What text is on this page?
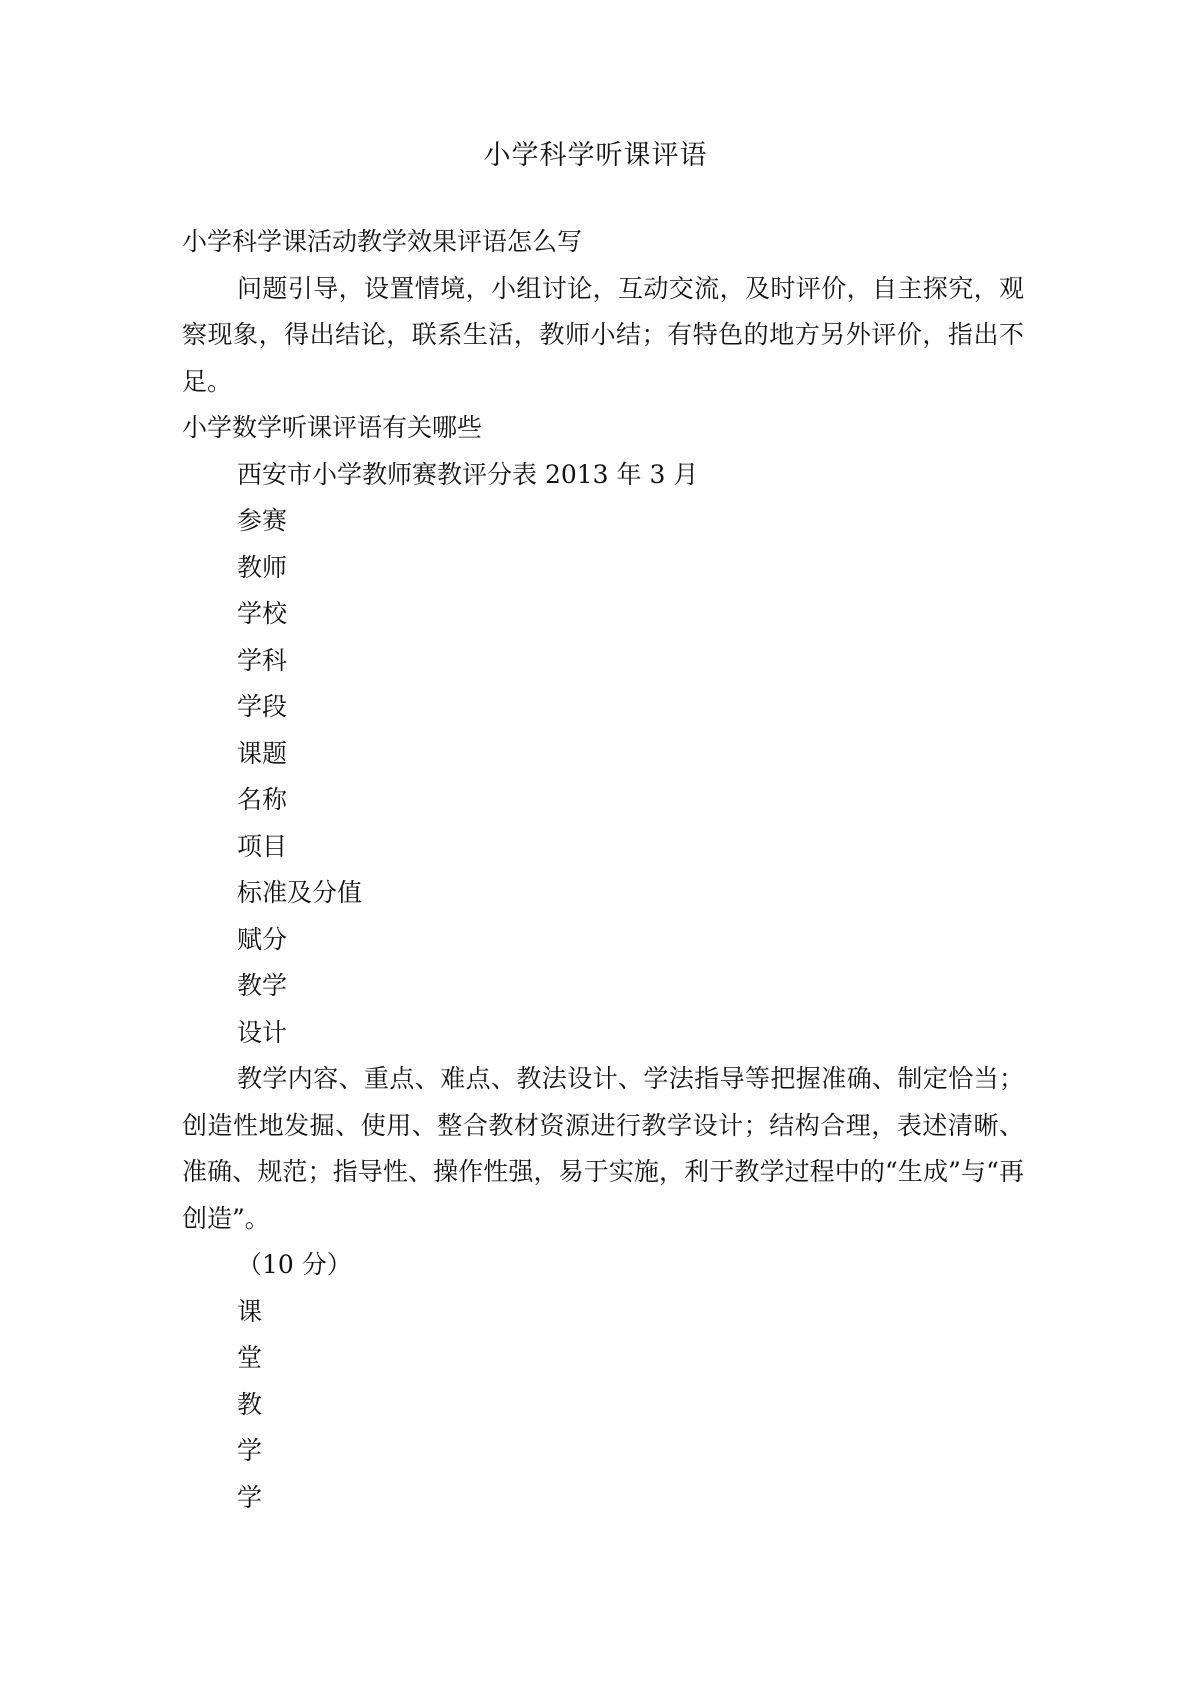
小学科学听课评语

小学科学课活动教学效果评语怎么写

问题引导，设置情境，小组讨论，互动交流，及时评价，自主探究，观察现象，得出结论，联系生活，教师小结；有特色的地方另外评价，指出不足。

小学数学听课评语有关哪些

西安市小学教师赛教评分表 2013 年 3 月

参赛

教师

学校

学科

学段

课题

名称

项目

标准及分值

赋分

教学

设计

教学内容、重点、难点、教法设计、学法指导等把握准确、制定恰当；创造性地发掘、使用、整合教材资源进行教学设计；结构合理，表述清晰、准确、规范；指导性、操作性强，易于实施，利于教学过程中的“生成”与“再创造”。

（10 分）

课

堂

教

学

学
